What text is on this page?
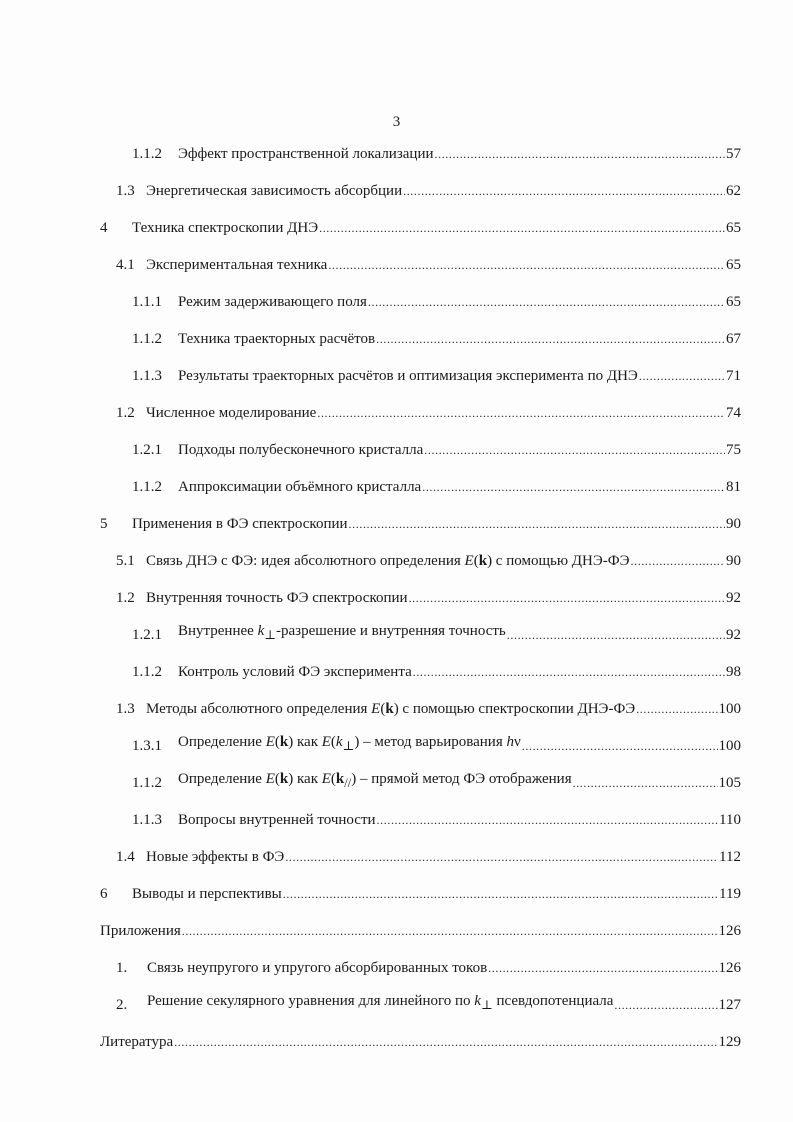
3
1.1.2	Эффект пространственной локализации .....	57
1.3 Энергетическая зависимость абсорбции .....	62
4	Техника спектроскопии ДНЭ .....	65
4.1 Экспериментальная техника .....	65
1.1.1	Режим задерживающего поля .....	65
1.1.2	Техника траекторных расчётов .....	67
1.1.3	Результаты траекторных расчётов и оптимизация эксперимента по ДНЭ .....	71
1.2 Численное моделирование .....	74
1.2.1	Подходы полубесконечного кристалла .....	75
1.1.2	Аппроксимации объёмного кристалла .....	81
5	Применения в ФЭ спектроскопии .....	90
5.1 Связь ДНЭ с ФЭ: идея абсолютного определения E(k) с помощью ДНЭ-ФЭ .....	90
1.2 Внутренняя точность ФЭ спектроскопии .....	92
1.2.1	Внутреннее $k_\perp$-разрешение и внутренняя точность .....	92
1.1.2	Контроль условий ФЭ эксперимента .....	98
1.3 Методы абсолютного определения E(k) с помощью спектроскопии ДНЭ-ФЭ .....	100
1.3.1	Определение E(k) как $E(k_\perp)$ – метод варьирования hν .....	100
1.1.2	Определение E(k) как $E(k_{//})$ – прямой метод ФЭ отображения .....	105
1.1.3	Вопросы внутренней точности .....	110
1.4 Новые эффекты в ФЭ .....	112
6	Выводы и перспективы .....	119
Приложения .....	126
1.	Связь неупругого и упругого абсорбированных токов .....	126
2.	Решение секулярного уравнения для линейного по $k_\perp$ псевдопотенциала .....	127
Литература .....	129
